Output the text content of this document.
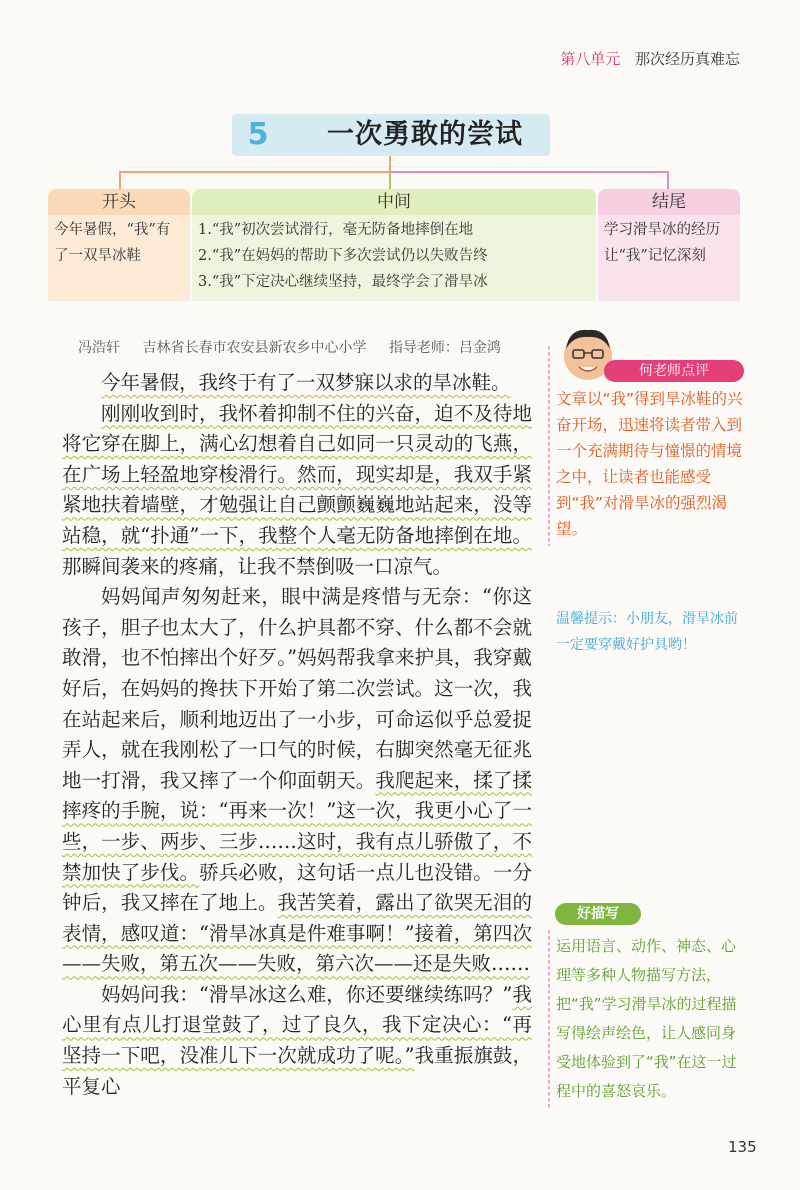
第八单元 那次经历真难忘
5	一次勇敢的尝试
开头
今年暑假，“我”有
了一双旱冰鞋
中间
1.“我”初次尝试滑行，毫无防备地摔倒在地
2.“我”在妈妈的帮助下多次尝试仍以失败告终
3.“我”下定决心继续坚持，最终学会了滑旱冰
结尾
学习滑旱冰的经历
让“我”记忆深刻
冯浩轩 吉林省长春市农安县新农乡中心小学 指导老师：吕金鸿

今年暑假，我终于有了一双梦寐以求的旱冰鞋。

刚刚收到时，我怀着抑制不住的兴奋，迫不及待地将它穿在脚上，满心幻想着自己如同一只灵动的飞燕，在广场上轻盈地穿梭滑行。然而，现实却是，我双手紧紧地扶着墙壁，才勉强让自己颤颤巍巍地站起来，没等站稳，就“扑通”一下，我整个人毫无防备地摔倒在地。那瞬间袭来的疼痛，让我不禁倒吸一口凉气。

妈妈闻声匆匆赶来，眼中满是疼惜与无奈：“你这孩子，胆子也太大了，什么护具都不穿、什么都不会就敢滑，也不怕摔出个好歹。”妈妈帮我拿来护具，我穿戴好后，在妈妈的搀扶下开始了第二次尝试。这一次，我在站起来后，顺利地迈出了一小步，可命运似乎总爱捉弄人，就在我刚松了一口气的时候，右脚突然毫无征兆地一打滑，我又摔了一个仰面朝天。我爬起来，揉了揉摔疼的手腕，说：“再来一次！”这一次，我更小心了一些，一步、两步、三步……这时，我有点儿骄傲了，不禁加快了步伐。骄兵必败，这句话一点儿也没错。一分钟后，我又摔在了地上。我苦笑着，露出了欲哭无泪的表情，感叹道：“滑旱冰真是件难事啊！”接着，第四次——失败，第五次——失败，第六次——还是失败……

妈妈问我：“滑旱冰这么难，你还要继续练吗？”我心里有点儿打退堂鼓了，过了良久，我下定决心：“再坚持一下吧，没准儿下一次就成功了呢。”我重振旗鼓，平复心

何老师点评
文章以“我”得到旱冰鞋的兴奋开场，迅速将读者带入到一个充满期待与憧憬的情境之中，让读者也能感受到“我”对滑旱冰的强烈渴望。
温馨提示：小朋友，滑旱冰前一定要穿戴好护具哟！
好描写
运用语言、动作、神态、心理等多种人物描写方法，把“我”学习滑旱冰的过程描写得绘声绘色，让人感同身受地体验到了“我”在这一过程中的喜怒哀乐。
135
